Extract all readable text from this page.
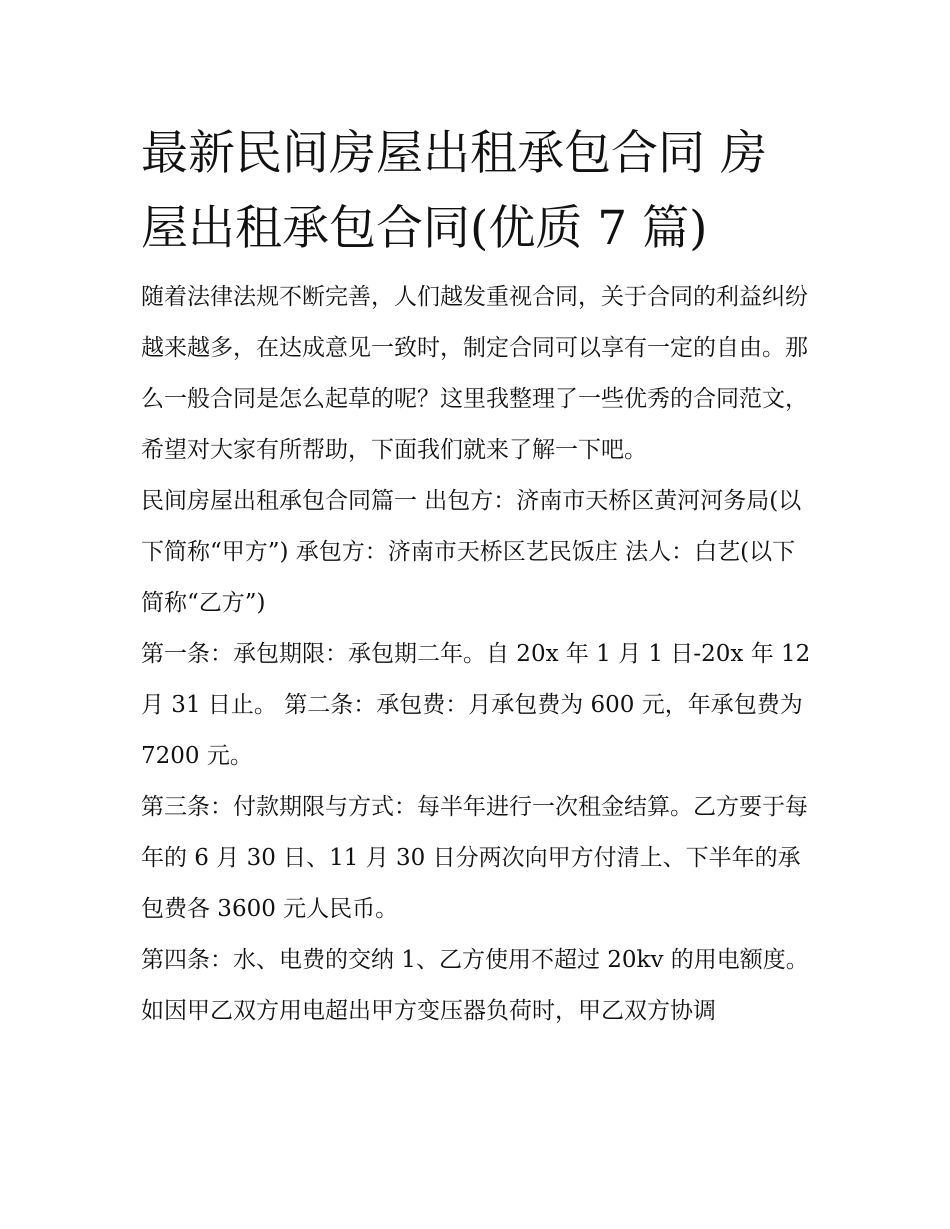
最新民间房屋出租承包合同 房屋出租承包合同(优质 7 篇)

随着法律法规不断完善，人们越发重视合同，关于合同的利益纠纷越来越多，在达成意见一致时，制定合同可以享有一定的自由。那么一般合同是怎么起草的呢？这里我整理了一些优秀的合同范文，希望对大家有所帮助，下面我们就来了解一下吧。

民间房屋出租承包合同篇一 出包方：济南市天桥区黄河河务局(以下简称“甲方”) 承包方：济南市天桥区艺民饭庄 法人：白艺(以下简称“乙方”)

第一条：承包期限：承包期二年。自 20x 年 1 月 1 日-20x 年 12 月 31 日止。 第二条：承包费：月承包费为 600 元，年承包费为 7200 元。

第三条：付款期限与方式：每半年进行一次租金结算。乙方要于每年的 6 月 30 日、11 月 30 日分两次向甲方付清上、下半年的承包费各 3600 元人民币。

第四条：水、电费的交纳 1、乙方使用不超过 20kv 的用电额度。如因甲乙双方用电超出甲方变压器负荷时，甲乙双方协调
